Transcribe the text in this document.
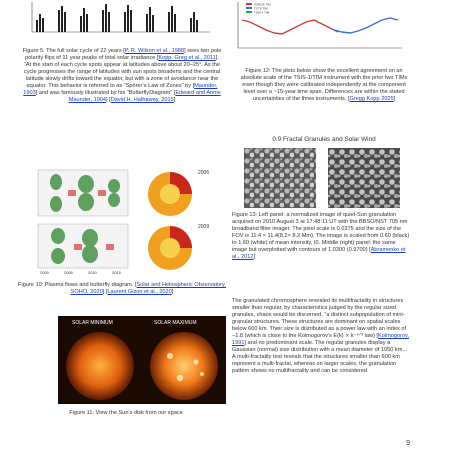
Figure 5: The full solar cycle of 22 years [P. R. Wilson et al., 1988] sees two pole polarity flips of 11 year peaks of total solar irradiance [Kopp, Greg et al., 2011]. “At the start of each cycle spots appear at latitudes above about 20–25°. As the cycle progresses the range of latitudes with sun spots broadens and the central latitude slowly drifts toward the equator, but with a zone of avoidance near the equator. This behavior is referred to as “Spörer’s Law of Zones” by [Maunder, 1903] and was famously illustrated by his “ButterflyDiagram” [Edward and Annie Maunder, 1904] [David H. Hathaway, 2015]
SORCE TIM
TCTE TIM
TSIS-1 TIM
Figure 12: The plots below show the excellent agreement on an absolute scale of the TSIS-1/TIM instrument with the prior two TIMs even though they were calibrated independently at the component level over a ~15-year time span. Differences are within the stated uncertainties of the three instruments. [Gregg Kopp 2025]
0.9 Fractal Granules and Solar Wind
Figure 13: Left panel: a normalized image of quiet-Sun granulation acquired on 2010 August 3 at 17:48:11 UT with the BBSO/NST 705 nm broadband filter imager. The pixel scale is 0.0375 and the size of the FOV is 11.4 × 11.4(8.2× 8.2 Mm). The image is scaled from 0.60 (black) to 1.60 (white) of mean intensity, I0. Middle (right) panel: the same image but overplotted with contours of 1.0300 (0.9700) [Abramenko et al., 2012]
2000	2005	2010	2015
2006
2009
Figure 10: Plasma flows and butterfly diagram. [Solar and Heliospheric Observatory, SOHO, 2020] [Laurent Gizon et al., 2020]
SOLAR MINIMUM	SOLAR MAXIMUM
Figure 11: View the Sun’s disk from our space
The granulated chromosphere revealed its multifractality in structures smaller than regular, by characteristics judged by the regular sized granules, chaos would be discerned, “a distinct subpopulation of mini-granular structures. These structures are dominant on spatial scales below 600 km. Their size is distributed as a power law with an index of −1.8 (which is close to the Kolmogorov’s E(k) ∝ k⁻⁵ᐟ³ law) [Kolmogorov, 1991] and no predominant scale. The regular granules display a Gaussian (normal) size distribution with a mean diameter of 1050 km... A multi-fractality test reveals that the structures smaller than 600 km represent a multi-fractal, whereas on larger scales, the granulation pattern shows no multifractality and can be considered
9
